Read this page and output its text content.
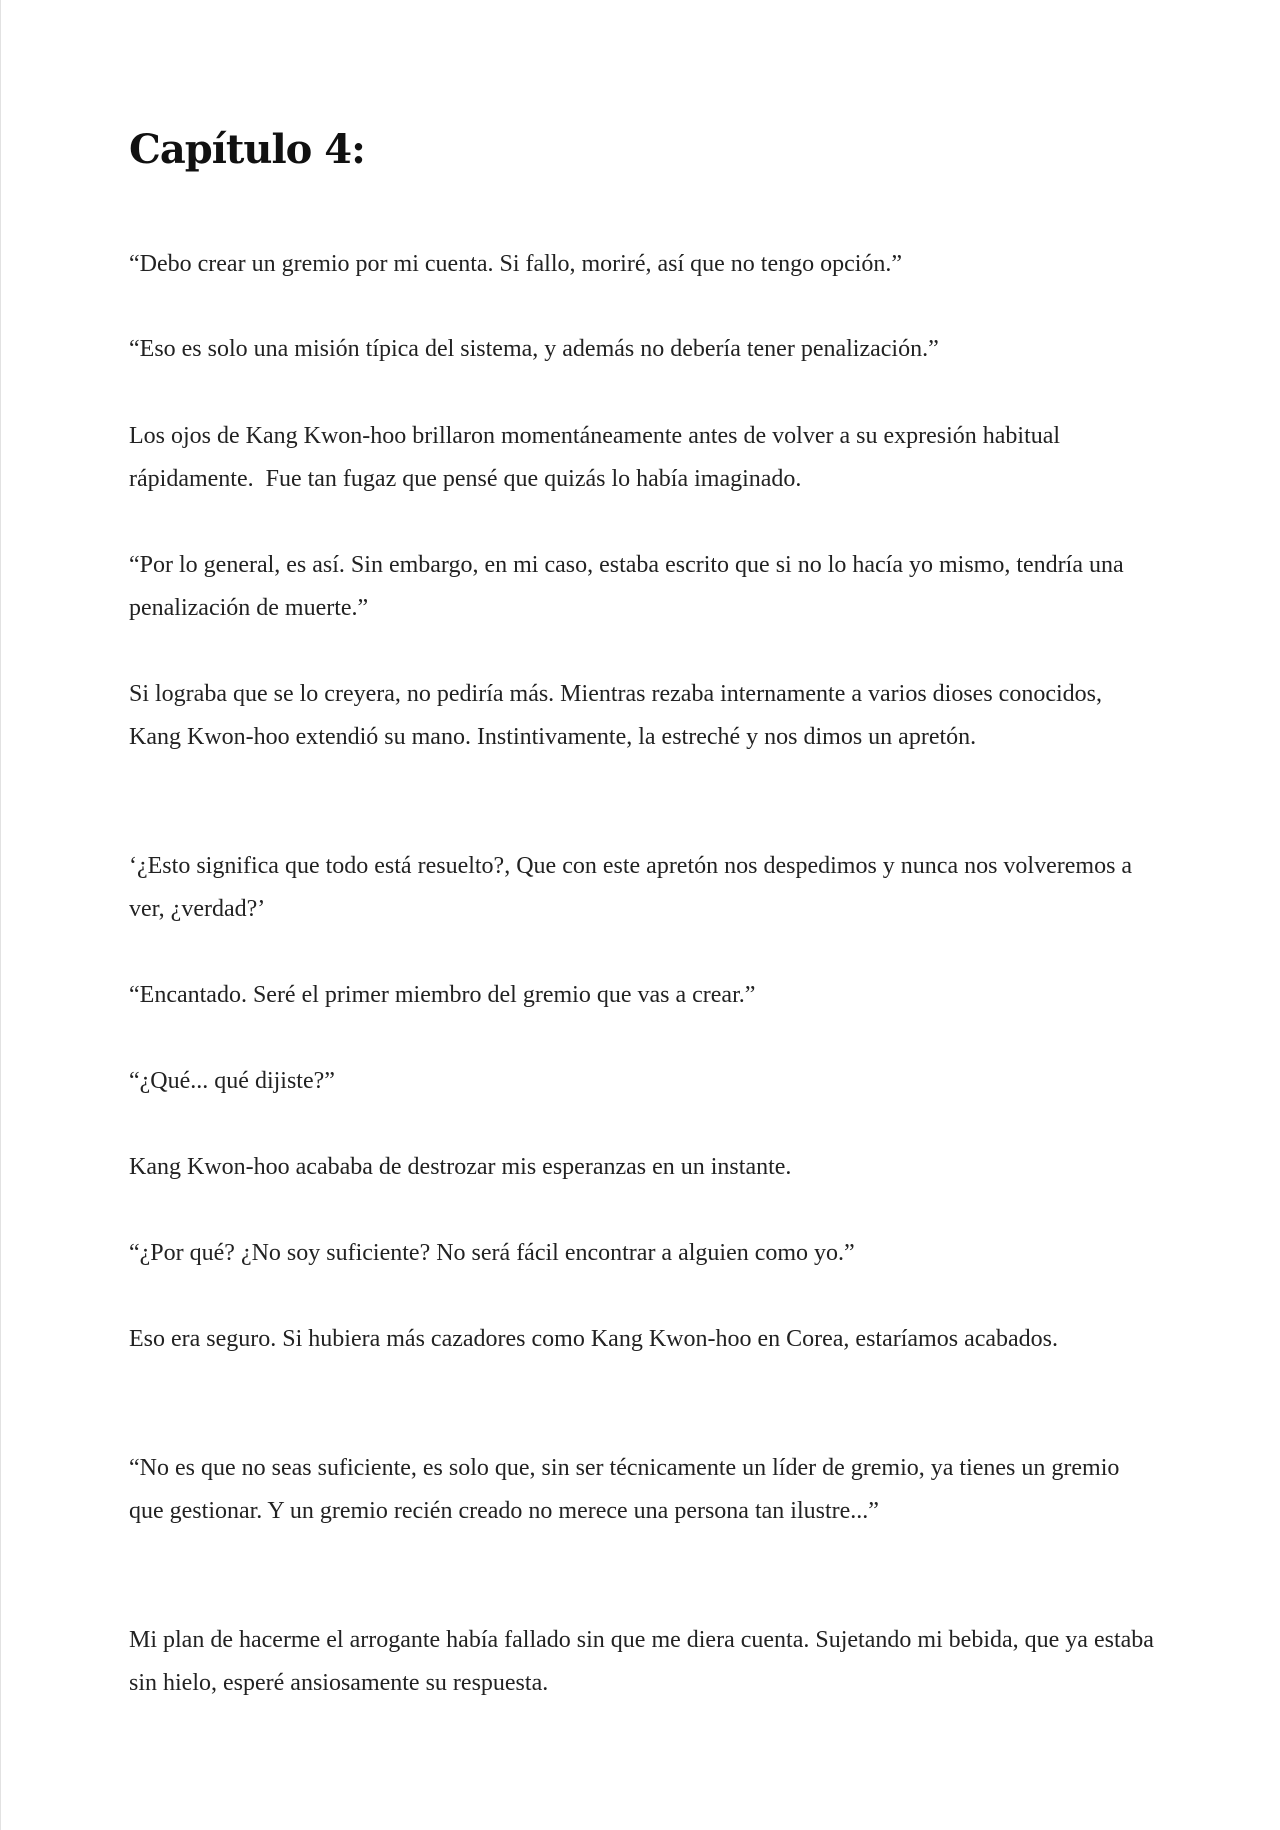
Capítulo 4:

“Debo crear un gremio por mi cuenta. Si fallo, moriré, así que no tengo opción.”

“Eso es solo una misión típica del sistema, y además no debería tener penalización.”

Los ojos de Kang Kwon-hoo brillaron momentáneamente antes de volver a su expresión habitual rápidamente.  Fue tan fugaz que pensé que quizás lo había imaginado.

“Por lo general, es así. Sin embargo, en mi caso, estaba escrito que si no lo hacía yo mismo, tendría una penalización de muerte.”

Si lograba que se lo creyera, no pediría más. Mientras rezaba internamente a varios dioses conocidos, Kang Kwon-hoo extendió su mano. Instintivamente, la estreché y nos dimos un apretón.

‘¿Esto significa que todo está resuelto?, Que con este apretón nos despedimos y nunca nos volveremos a ver, ¿verdad?’

“Encantado. Seré el primer miembro del gremio que vas a crear.”

“¿Qué... qué dijiste?”

Kang Kwon-hoo acababa de destrozar mis esperanzas en un instante.

“¿Por qué? ¿No soy suficiente? No será fácil encontrar a alguien como yo.”

Eso era seguro. Si hubiera más cazadores como Kang Kwon-hoo en Corea, estaríamos acabados.

“No es que no seas suficiente, es solo que, sin ser técnicamente un líder de gremio, ya tienes un gremio que gestionar. Y un gremio recién creado no merece una persona tan ilustre...”

Mi plan de hacerme el arrogante había fallado sin que me diera cuenta. Sujetando mi bebida, que ya estaba sin hielo, esperé ansiosamente su respuesta.
